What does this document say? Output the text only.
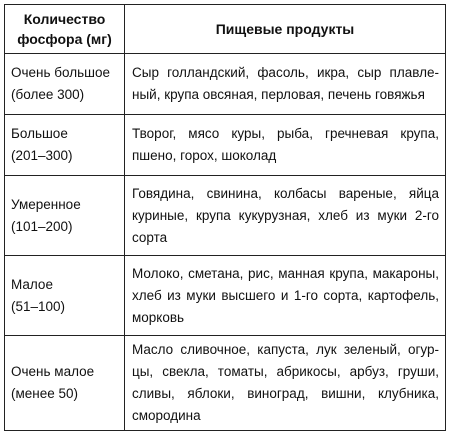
Количество фосфора (мг)	Пищевые продукты

Очень большое
(более 300)	Сыр голландский, фасоль, икра, сыр плавле-ный, крупа овсяная, перловая, печень говяжья

Большое
(201–300)	Творог, мясо куры, рыба, гречневая крупа, пшено, горох, шоколад

Умеренное
(101–200)	Говядина, свинина, колбасы вареные, яйца куриные, крупа кукурузная, хлеб из муки 2-го сорта

Малое
(51–100)	Молоко, сметана, рис, манная крупа, макароны, хлеб из муки высшего и 1-го сорта, картофель, морковь

Очень малое
(менее 50)	Масло сливочное, капуста, лук зеленый, огур-цы, свекла, томаты, абрикосы, арбуз, груши, сливы, яблоки, виноград, вишни, клубника, смородина
